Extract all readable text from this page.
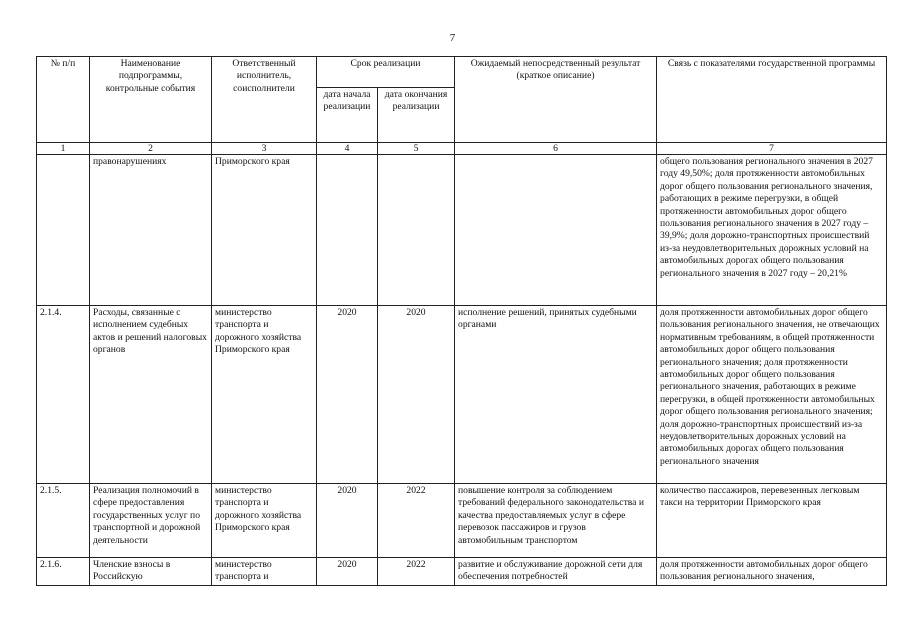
7
№ п/п	Наименование подпрограммы, контрольные события	Ответственный исполнитель, соисполнители	Срок реализации		Ожидаемый непосредственный результат (краткое описание)	Связь с показателями государственной программы
			дата начала реализации	дата окончания реализации		
1	2	3	4	5	6	7
	правонарушениях	Приморского края				общего пользования регионального значения в 2027 году 49,50%; доля протяженности автомобильных дорог общего пользования регионального значения, работающих в режиме перегрузки, в общей протяженности автомобильных дорог общего пользования регионального значения в 2027 году – 39,9%; доля дорожно-транспортных происшествий из-за неудовлетворительных дорожных условий на автомобильных дорогах общего пользования регионального значения в 2027 году – 20,21%
2.1.4.	Расходы, связанные с исполнением судебных актов и решений налоговых органов	министерство транспорта и дорожного хозяйства Приморского края	2020	2020	исполнение решений, принятых судебными органами	доля протяженности автомобильных дорог общего пользования регионального значения, не отвечающих нормативным требованиям, в общей протяженности автомобильных дорог общего пользования регионального значения; доля протяженности автомобильных дорог общего пользования регионального значения, работающих в режиме перегрузки, в общей протяженности автомобильных дорог общего пользования регионального значения; доля дорожно-транспортных происшествий из-за неудовлетворительных дорожных условий на автомобильных дорогах общего пользования регионального значения
2.1.5.	Реализация полномочий в сфере предоставления государственных услуг по транспортной и дорожной деятельности	министерство транспорта и дорожного хозяйства Приморского края	2020	2022	повышение контроля за соблюдением требований федерального законодательства и качества предоставляемых услуг в сфере перевозок пассажиров и грузов автомобильным транспортом	количество пассажиров, перевезенных легковым такси на территории Приморского края
2.1.6.	Членские взносы в Российскую	министерство транспорта и	2020	2022	развитие и обслуживание дорожной сети для обеспечения потребностей	доля протяженности автомобильных дорог общего пользования регионального значения,
